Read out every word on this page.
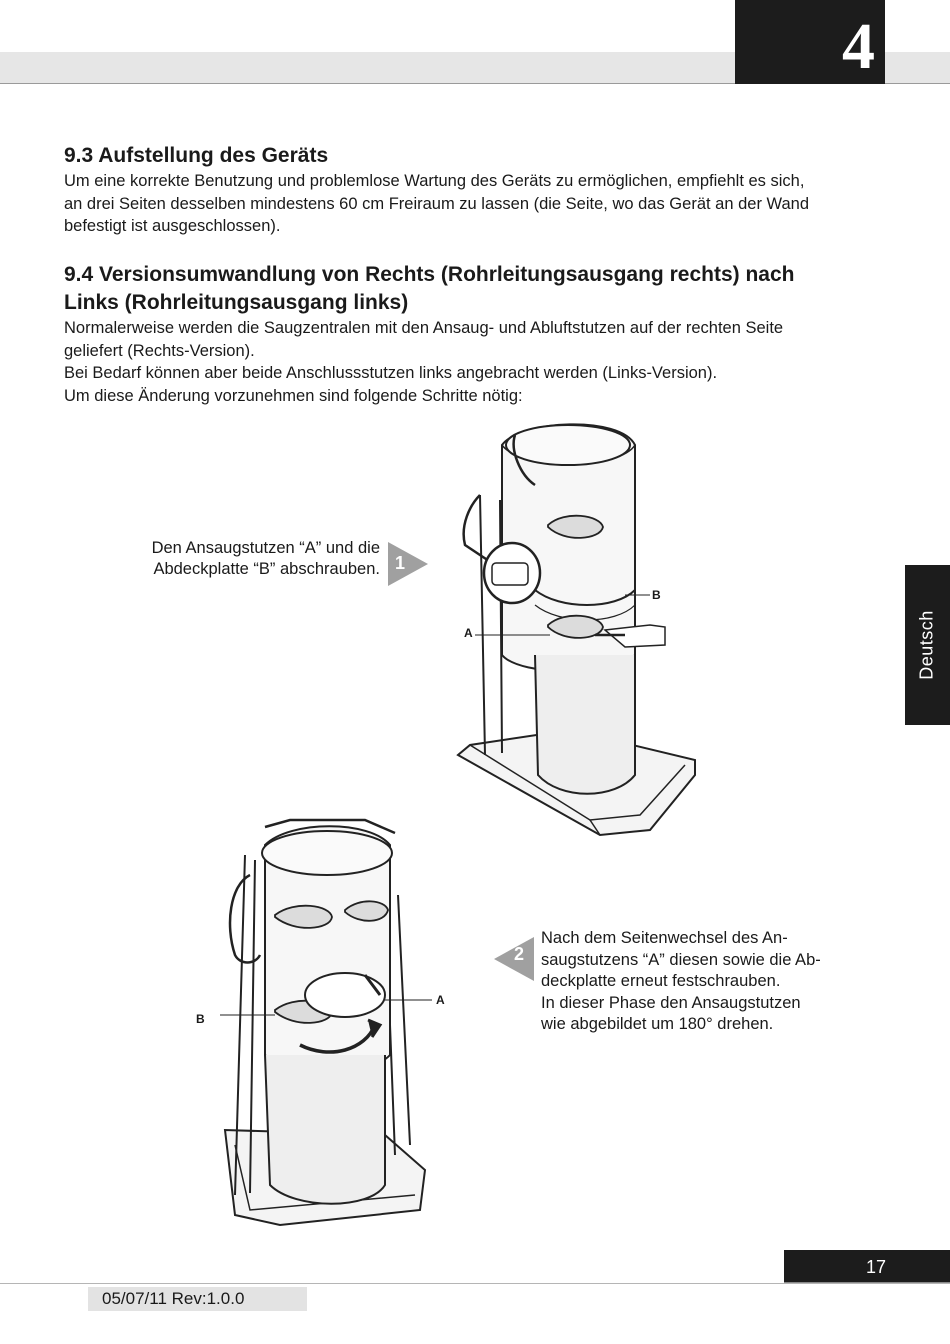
4
Deutsch
9.3 Aufstellung des Geräts
Um eine korrekte Benutzung und problemlose Wartung des Geräts zu ermöglichen, empfiehlt es sich,
an drei Seiten desselben mindestens 60 cm Freiraum zu lassen (die Seite, wo das Gerät an der Wand
befestigt ist ausgeschlossen).
9.4 Versionsumwandlung von Rechts (Rohrleitungsausgang rechts) nach
Links (Rohrleitungsausgang links)
Normalerweise werden die Saugzentralen mit den Ansaug- und Abluftstutzen auf der rechten Seite
geliefert (Rechts-Version).
Bei Bedarf können aber beide Anschlussstutzen links angebracht werden (Links-Version).
Um diese Änderung vorzunehmen sind folgende Schritte nötig:
Den Ansaugstutzen “A” und die
Abdeckplatte “B” abschrauben. 1
B
A
2
Nach dem Seitenwechsel des An-
saugstutzens “A” diesen sowie die Ab-
deckplatte erneut festschrauben.
In dieser Phase den Ansaugstutzen
wie abgebildet um 180° drehen.
A
B
17
05/07/11 Rev:1.0.0
